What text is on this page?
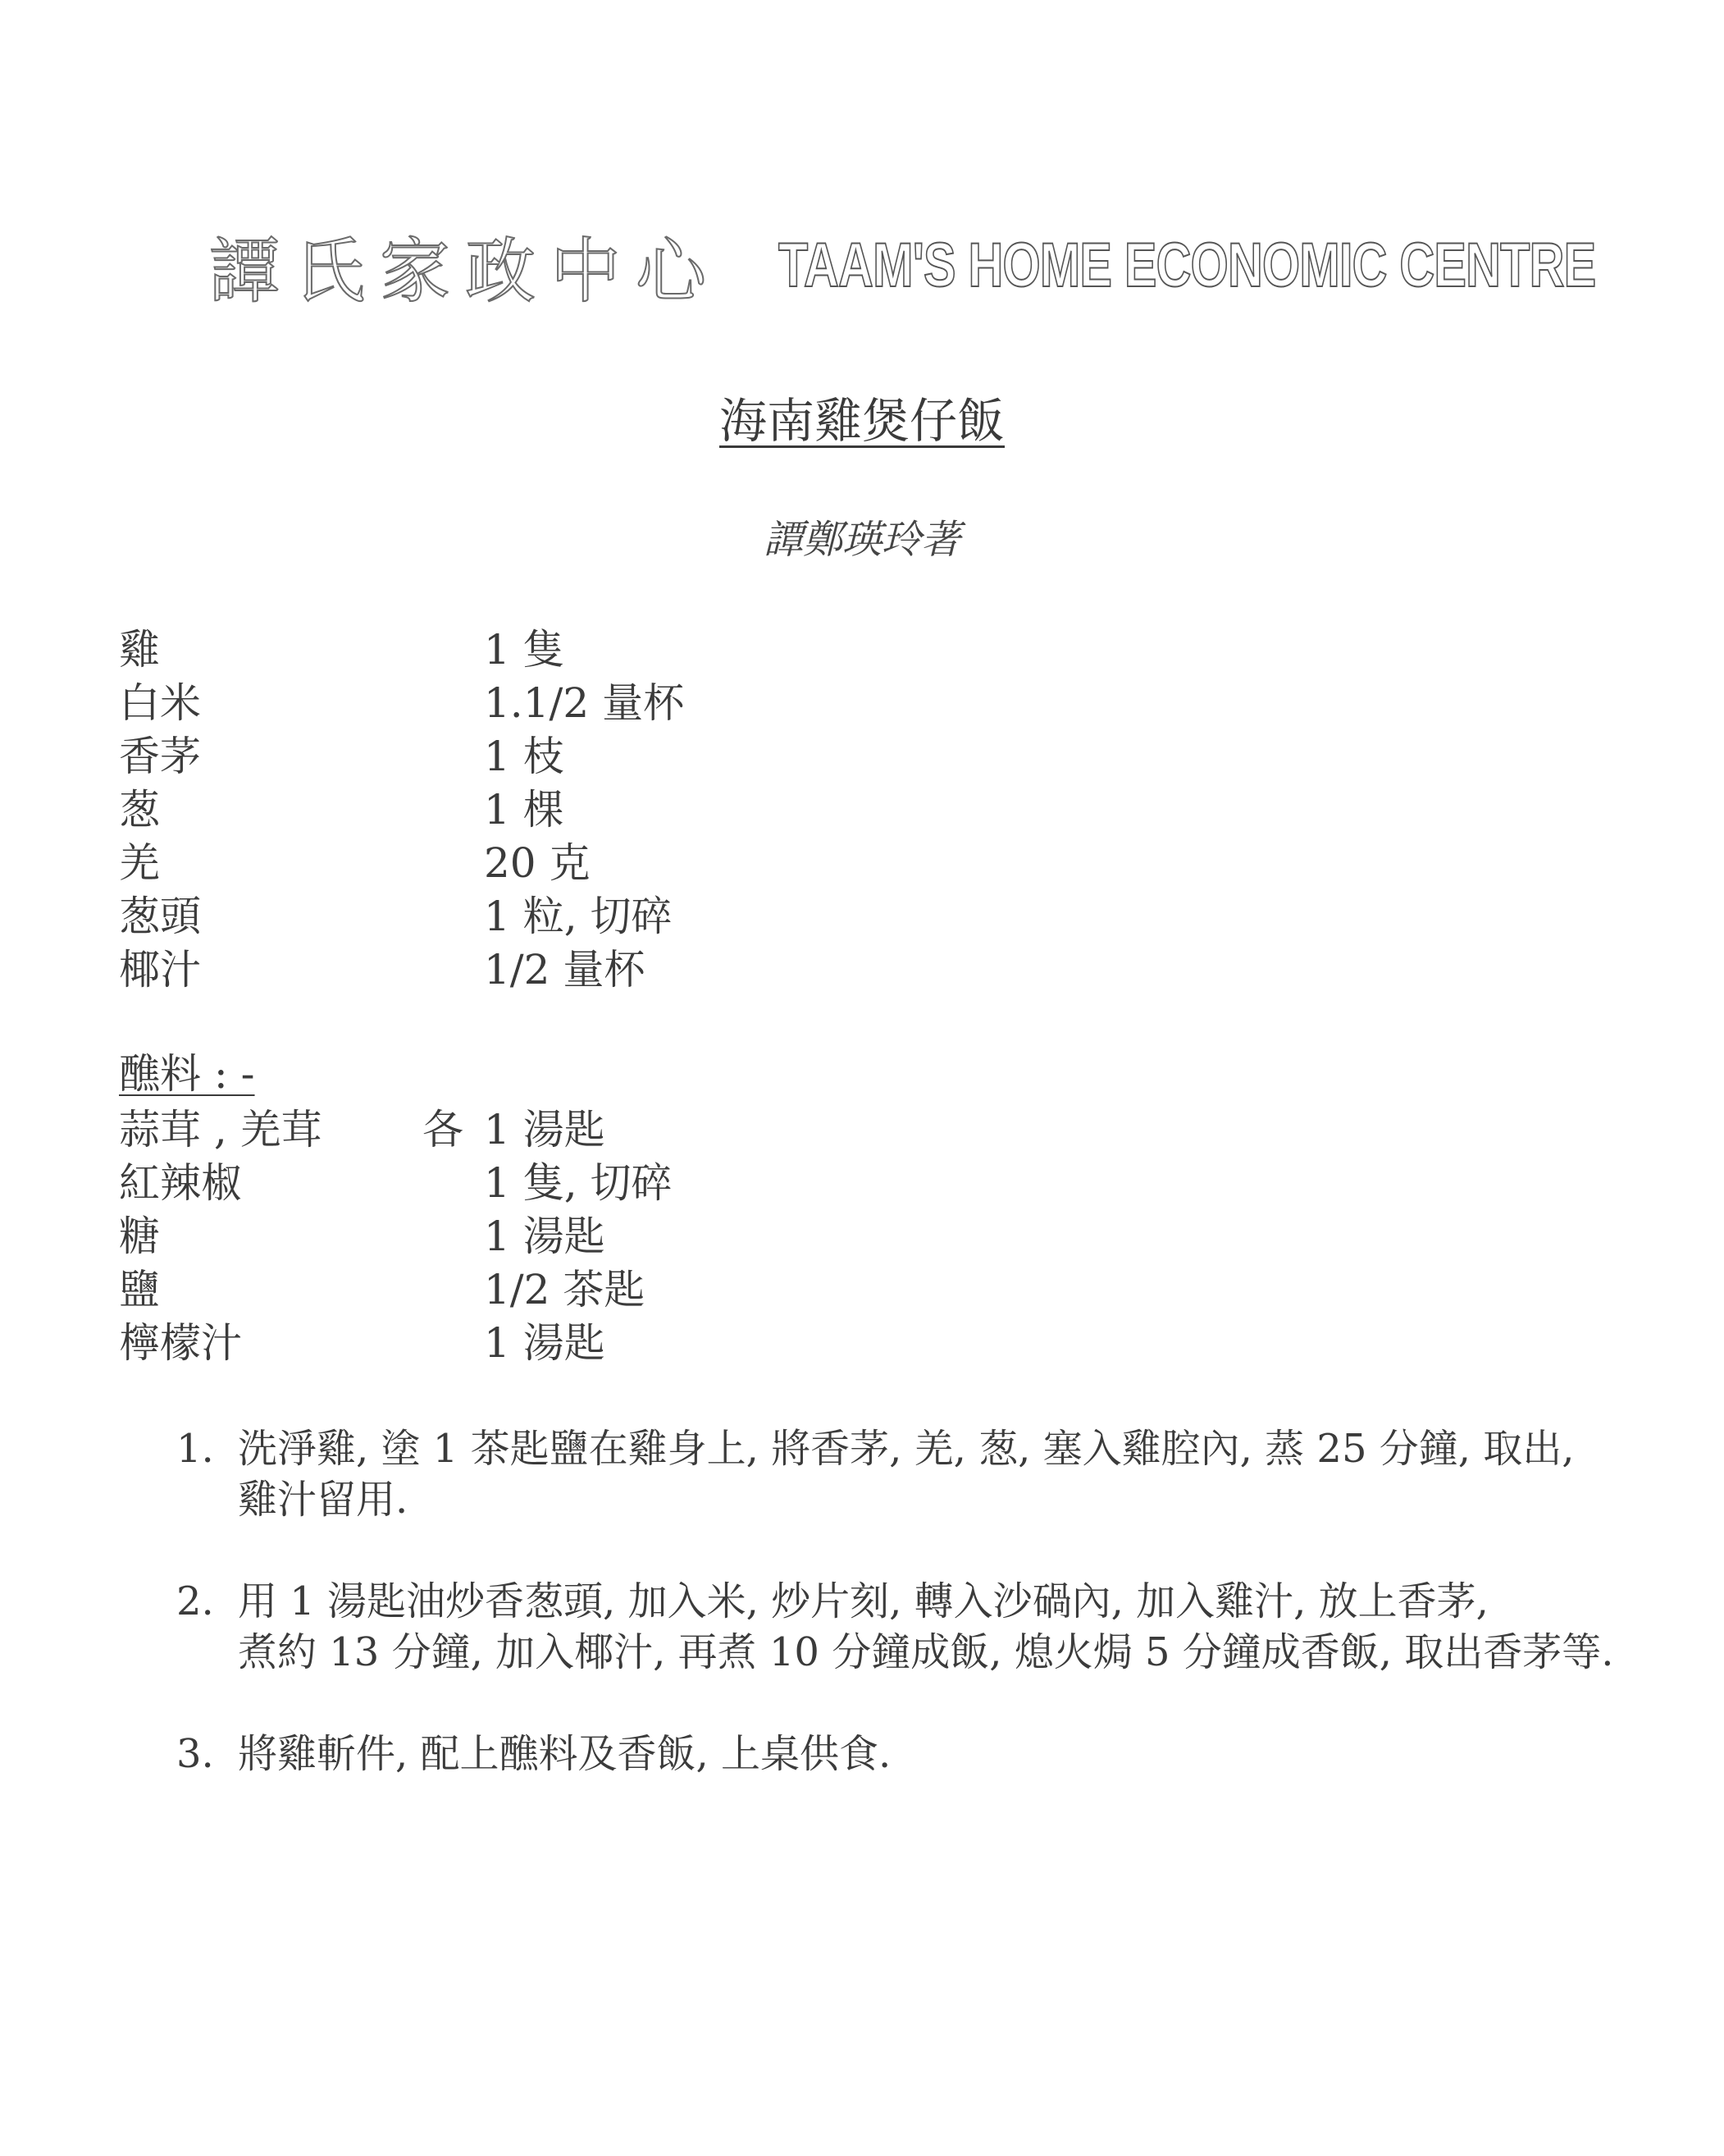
譚氏家政中心 TAAM'S HOME ECONOMIC CENTRE
海南雞煲仔飯
譚鄭瑛玲著
雞	1 隻
白米	1.1/2 量杯
香茅	1 枝
葱	1 棵
羌	20 克
葱頭	1 粒, 切碎
椰汁	1/2 量杯
醮料 : -
蒜茸 , 羌茸 各 1 湯匙
紅辣椒	1 隻, 切碎
糖	1 湯匙
鹽	1/2 茶匙
檸檬汁	1 湯匙
1. 洗淨雞, 塗 1 茶匙鹽在雞身上, 將香茅, 羌, 葱, 塞入雞腔內, 蒸 25 分鐘, 取出,
雞汁留用.
2. 用 1 湯匙油炒香葱頭, 加入米, 炒片刻, 轉入沙碢內, 加入雞汁, 放上香茅,
煮約 13 分鐘, 加入椰汁, 再煮 10 分鐘成飯, 熄火焗 5 分鐘成香飯, 取出香茅等.
3. 將雞斬件, 配上醮料及香飯, 上桌供食.
